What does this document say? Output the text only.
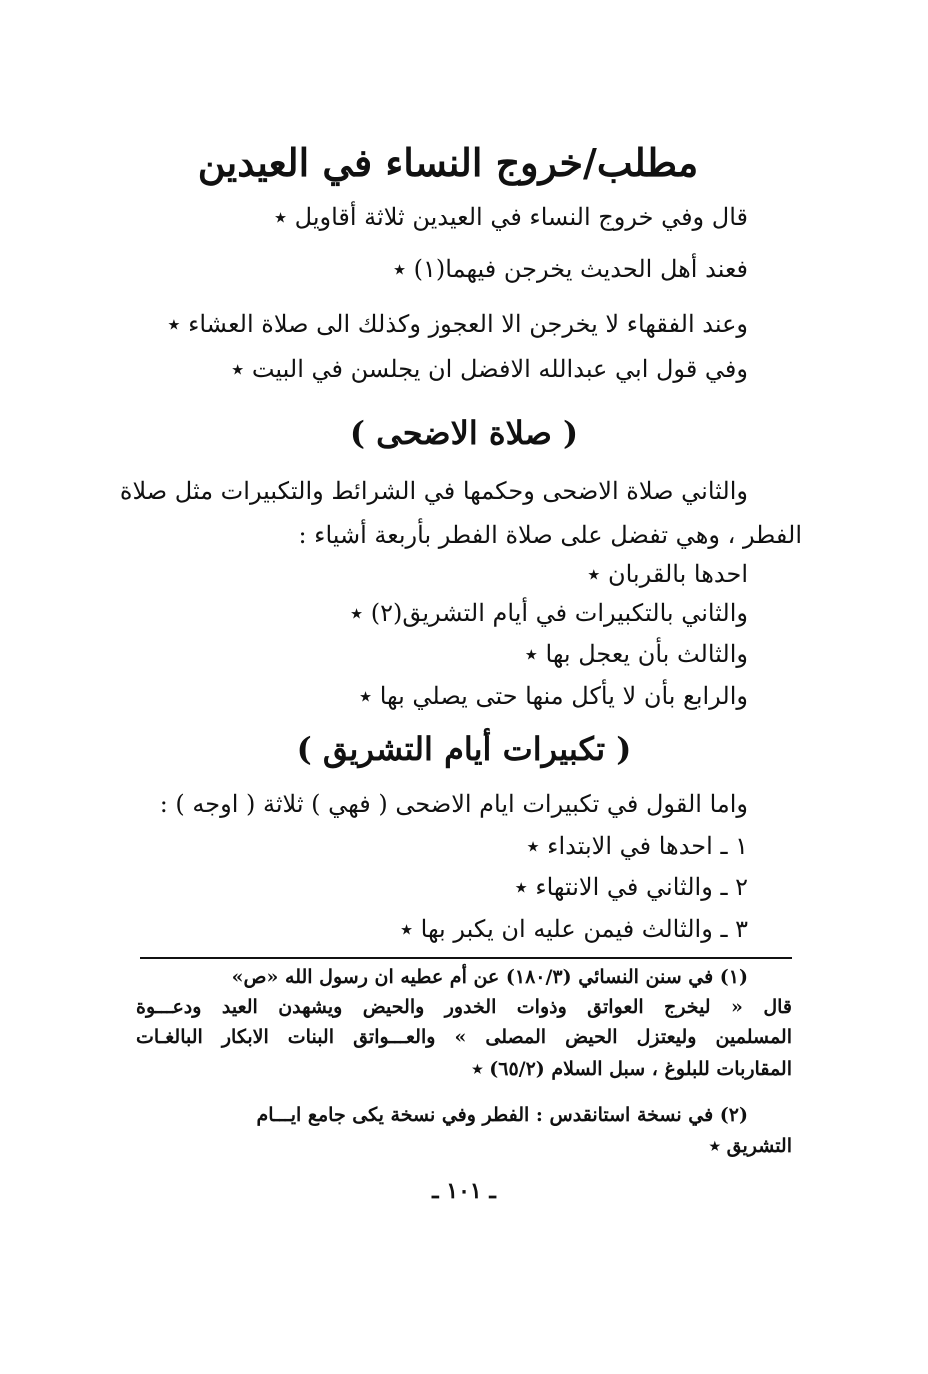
مطلب/خروج النساء في العيدين
قال وفي خروج النساء في العيدين ثلاثة أقاويل ٭
فعند أهل الحديث يخرجن فيهما(١) ٭
وعند الفقهاء لا يخرجن الا العجوز وكذلك الى صلاة العشاء ٭
وفي قول ابي عبدالله الافضل ان يجلسن في البيت ٭
( صلاة الاضحى )
والثاني صلاة الاضحى وحكمها في الشرائط والتكبيرات مثل صلاة
الفطر ، وهي تفضل على صلاة الفطر بأربعة أشياء :
احدها بالقربان ٭
والثاني بالتكبيرات في أيام التشريق(٢) ٭
والثالث بأن يعجل بها ٭
والرابع بأن لا يأكل منها حتى يصلي بها ٭
( تكبيرات أيام التشريق )
واما القول في تكبيرات ايام الاضحى ( فهي ) ثلاثة ( اوجه ) :
١ ـ احدها في الابتداء ٭
٢ ـ والثاني في الانتهاء ٭
٣ ـ والثالث فيمن عليه ان يكبر بها ٭
(١) في سنن النسائي (١٨٠/٣) عن أم عطيه ان رسول الله «ص»
قال « ليخرج العواتق وذوات الخدور والحيض ويشهدن العيد ودعـــوة
المسلمين وليعتزل الحيض المصلى » والعـــواتق البنات الابكار البالغـات
المقاربات للبلوغ ، سبل السلام (٦٥/٢) ٭
(٢) في نسخة استانقدس : الفطر وفي نسخة يكى جامع ايـــام
التشريق ٭
ـ ١٠١ ـ
